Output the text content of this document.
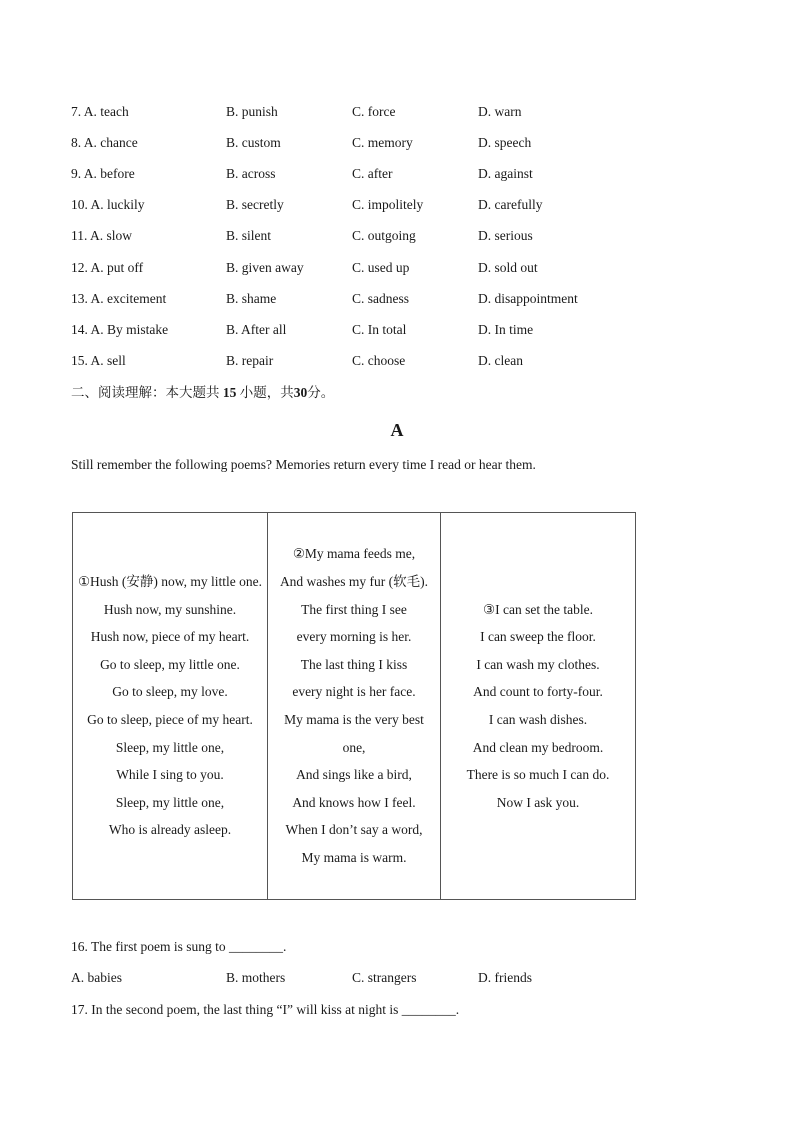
7. A. teach	B. punish	C. force	D. warn
8. A. chance	B. custom	C. memory	D. speech
9. A. before	B. across	C. after	D. against
10. A. luckily	B. secretly	C. impolitely	D. carefully
11. A. slow	B. silent	C. outgoing	D. serious
12. A. put off	B. given away	C. used up	D. sold out
13. A. excitement	B. shame	C. sadness	D. disappointment
14. A. By mistake	B. After all	C. In total	D. In time
15. A. sell	B. repair	C. choose	D. clean
二、阅读理解：本大题共 15 小题，共30分。
A
Still remember the following poems? Memories return every time I read or hear them.
①Hush (安静) now, my little one.
Hush now, my sunshine.
Hush now, piece of my heart.
Go to sleep, my little one.
Go to sleep, my love.
Go to sleep, piece of my heart.
Sleep, my little one,
While I sing to you.
Sleep, my little one,
Who is already asleep.

②My mama feeds me,
And washes my fur (软毛).
The first thing I see
every morning is her.
The last thing I kiss
every night is her face.
My mama is the very best one,
And sings like a bird,
And knows how I feel.
When I don’t say a word,
My mama is warm.

③I can set the table.
I can sweep the floor.
I can wash my clothes.
And count to forty-four.
I can wash dishes.
And clean my bedroom.
There is so much I can do.
Now I ask you.
16. The first poem is sung to ________.
A. babies	B. mothers	C. strangers	D. friends
17. In the second poem, the last thing “I” will kiss at night is ________.
